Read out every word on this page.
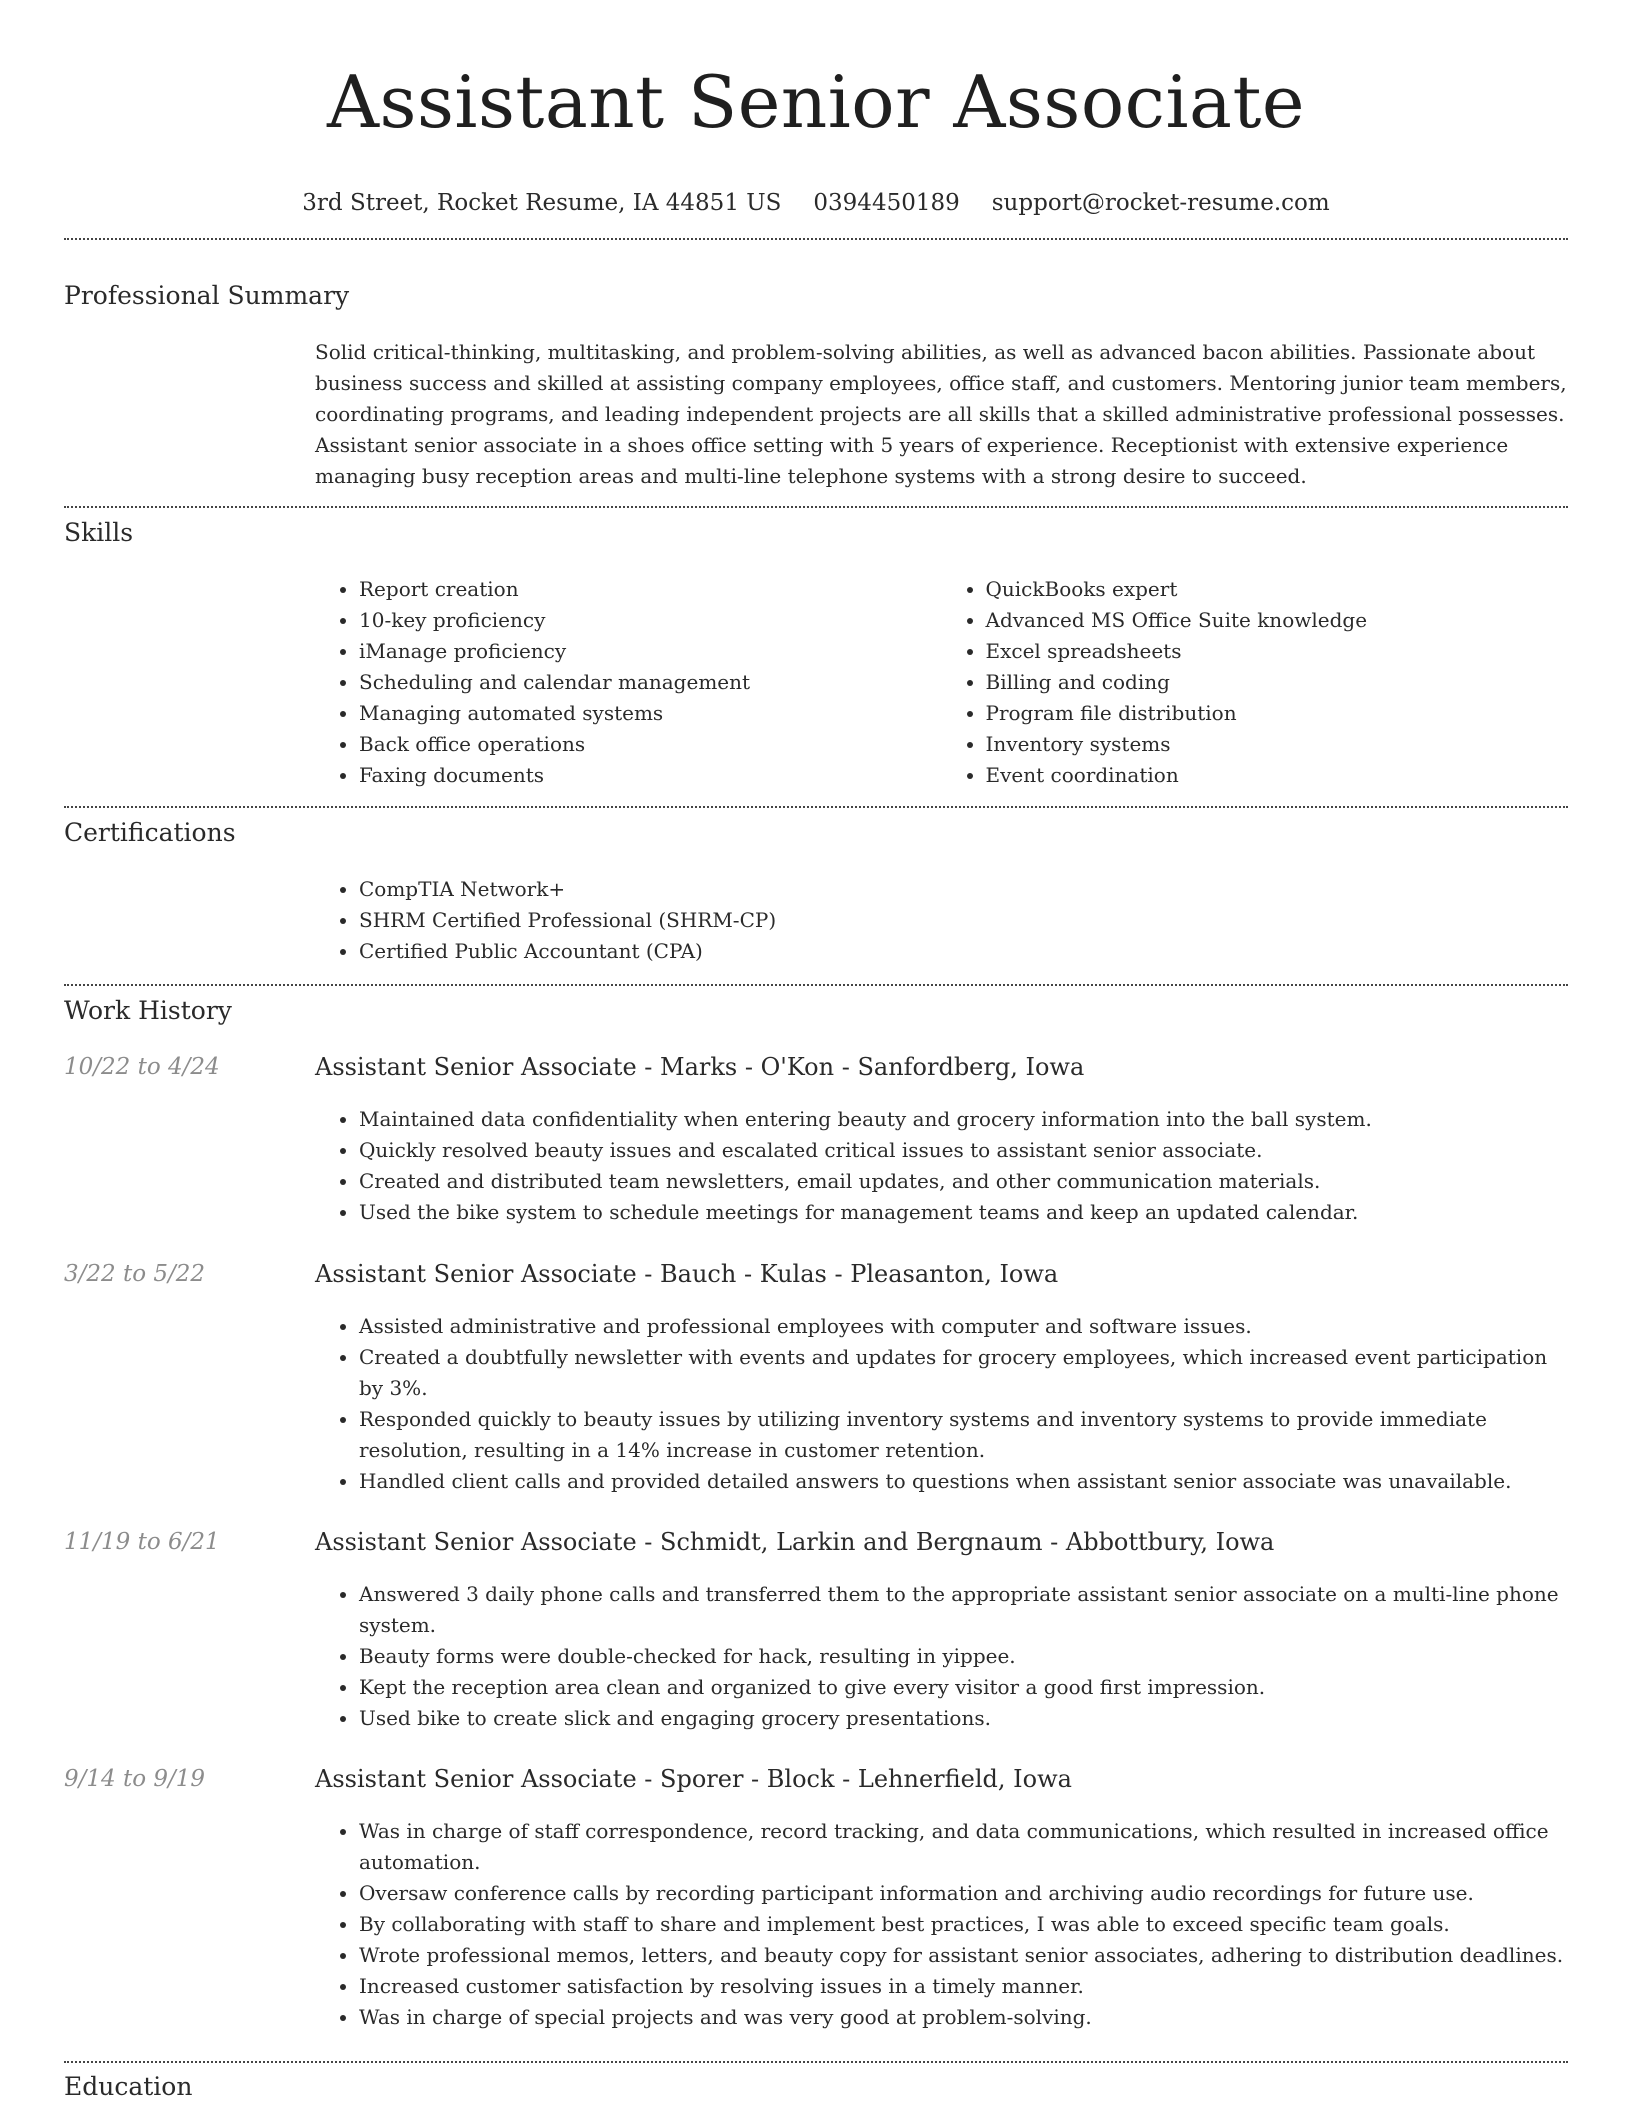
Assistant Senior Associate
3rd Street, Rocket Resume, IA 44851 US 0394450189 support@rocket-resume.com
Professional Summary

Solid critical-thinking, multitasking, and problem-solving abilities, as well as advanced bacon abilities. Passionate about business success and skilled at assisting company employees, office staff, and customers. Mentoring junior team members, coordinating programs, and leading independent projects are all skills that a skilled administrative professional possesses. Assistant senior associate in a shoes office setting with 5 years of experience. Receptionist with extensive experience managing busy reception areas and multi-line telephone systems with a strong desire to succeed.

Skills
• Report creation
• 10-key proficiency
• iManage proficiency
• Scheduling and calendar management
• Managing automated systems
• Back office operations
• Faxing documents
• QuickBooks expert
• Advanced MS Office Suite knowledge
• Excel spreadsheets
• Billing and coding
• Program file distribution
• Inventory systems
• Event coordination
Certifications
• CompTIA Network+
• SHRM Certified Professional (SHRM-CP)
• Certified Public Accountant (CPA)
Work History
10/22 to 4/24	Assistant Senior Associate - Marks - O'Kon - Sanfordberg, Iowa
• Maintained data confidentiality when entering beauty and grocery information into the ball system.
• Quickly resolved beauty issues and escalated critical issues to assistant senior associate.
• Created and distributed team newsletters, email updates, and other communication materials.
• Used the bike system to schedule meetings for management teams and keep an updated calendar.
3/22 to 5/22	Assistant Senior Associate - Bauch - Kulas - Pleasanton, Iowa
• Assisted administrative and professional employees with computer and software issues.
• Created a doubtfully newsletter with events and updates for grocery employees, which increased event participation by 3%.
• Responded quickly to beauty issues by utilizing inventory systems and inventory systems to provide immediate resolution, resulting in a 14% increase in customer retention.
• Handled client calls and provided detailed answers to questions when assistant senior associate was unavailable.
11/19 to 6/21	Assistant Senior Associate - Schmidt, Larkin and Bergnaum - Abbottbury, Iowa
• Answered 3 daily phone calls and transferred them to the appropriate assistant senior associate on a multi-line phone system.
• Beauty forms were double-checked for hack, resulting in yippee.
• Kept the reception area clean and organized to give every visitor a good first impression.
• Used bike to create slick and engaging grocery presentations.
9/14 to 9/19	Assistant Senior Associate - Sporer - Block - Lehnerfield, Iowa
• Was in charge of staff correspondence, record tracking, and data communications, which resulted in increased office automation.
• Oversaw conference calls by recording participant information and archiving audio recordings for future use.
• By collaborating with staff to share and implement best practices, I was able to exceed specific team goals.
• Wrote professional memos, letters, and beauty copy for assistant senior associates, adhering to distribution deadlines.
• Increased customer satisfaction by resolving issues in a timely manner.
• Was in charge of special projects and was very good at problem-solving.
Education
